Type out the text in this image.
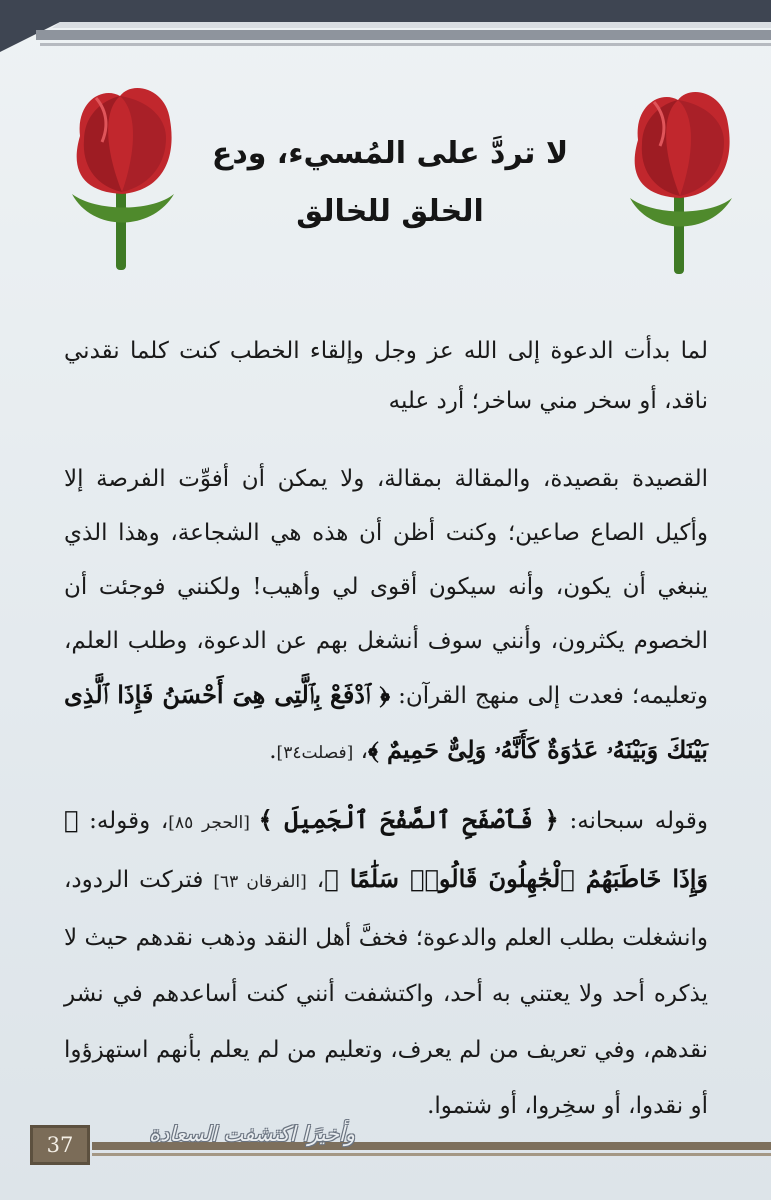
لا تردَّ على المُسيء، ودع
الخلق للخالق
لما بدأت الدعوة إلى الله عز وجل وإلقاء الخطب كنت كلما نقدني ناقد، أو سخر مني ساخر؛ أرد عليه
القصيدة بقصيدة، والمقالة بمقالة، ولا يمكن أن أفوِّت الفرصة إلا وأكيل الصاع صاعين؛ وكنت أظن أن هذه هي الشجاعة، وهذا الذي ينبغي أن يكون، وأنه سيكون أقوى لي وأهيب! ولكنني فوجئت أن الخصوم يكثرون، وأنني سوف أنشغل بهم عن الدعوة، وطلب العلم، وتعليمه؛ فعدت إلى منهج القرآن: ﴿ ٱدْفَعْ بِٱلَّتِى هِىَ أَحْسَنُ فَإِذَا ٱلَّذِى بَيْنَكَ وَبَيْنَهُۥ عَدَٰوَةٌ كَأَنَّهُۥ وَلِىٌّ حَمِيمٌ ﴾، [فصلت٣٤].
وقوله سبحانه: ﴿ فَٱصْفَحِ ٱلصَّفْحَ ٱلْجَمِيلَ ﴾ [الحجر ٨٥]، وقوله: ﴿ وَإِذَا خَاطَبَهُمُ ٱلْجَٰهِلُونَ قَالُوا۟ سَلَٰمًا ﴾، [الفرقان ٦٣] فتركت الردود، وانشغلت بطلب العلم والدعوة؛ فخفَّ أهل النقد وذهب نقدهم حيث لا يذكره أحد ولا يعتني به أحد، واكتشفت أنني كنت أساعدهم في نشر نقدهم، وفي تعريف من لم يعرف، وتعليم من لم يعلم بأنهم استهزؤوا أو نقدوا، أو سخِروا، أو شتموا.
37	وأخيرًا اكتشفت السعادة
